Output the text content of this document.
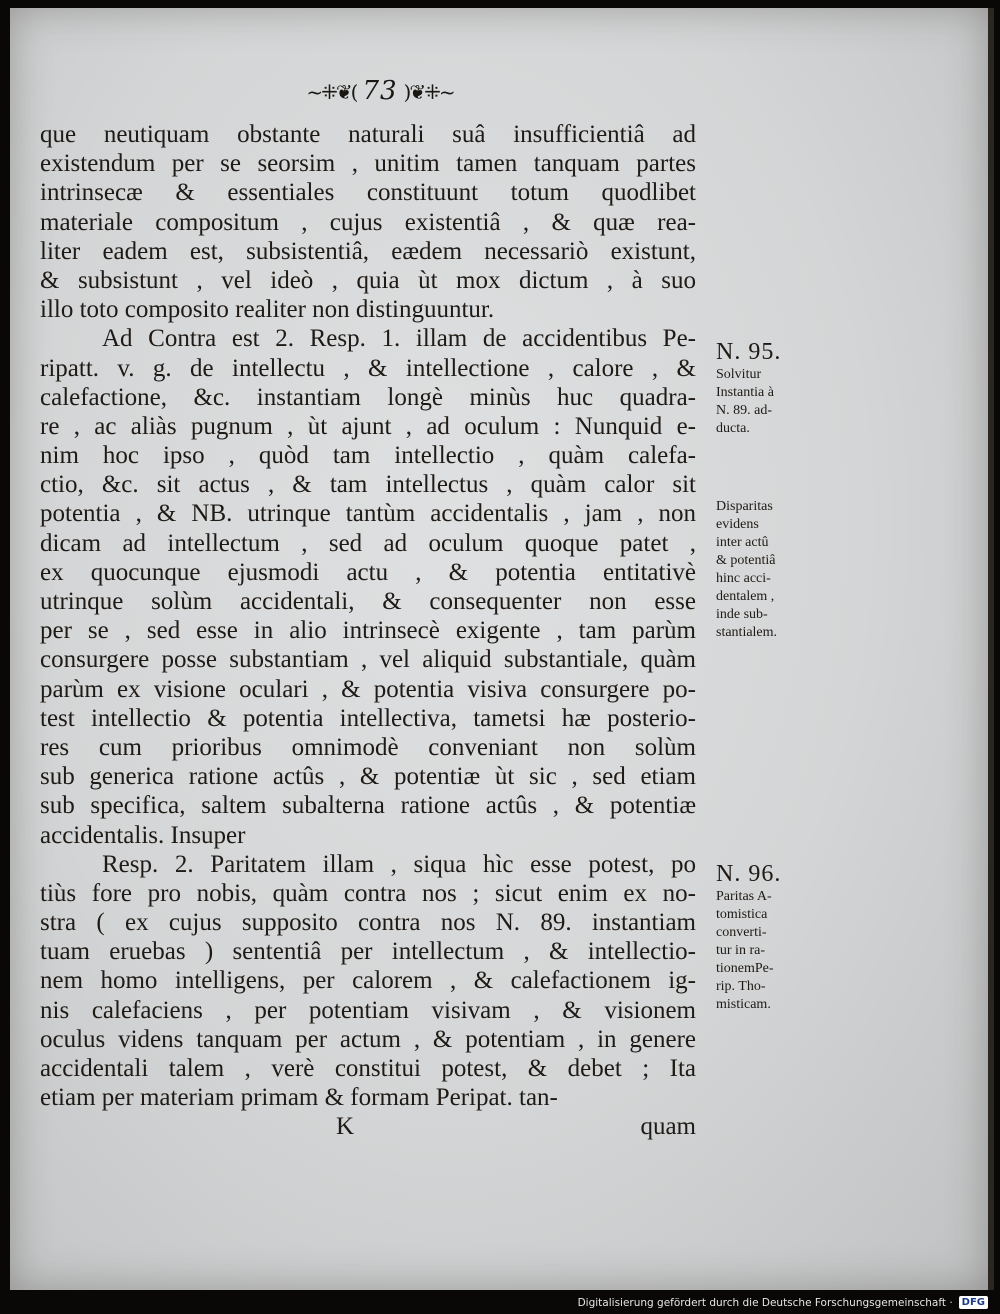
~⁜❦( 73 )❦⁜~
que neutiquam obstante naturali suâ insufficientiâ ad
existendum per se seorsim , unitim tamen tanquam partes
intrinsecæ & essentiales constituunt totum quodlibet
materiale compositum , cujus existentiâ , & quæ rea-
liter eadem est, subsistentiâ, eædem necessariò existunt,
& subsistunt , vel ideò , quia ùt mox dictum , à suo
illo toto composito realiter non distinguuntur.
Ad Contra est 2. Resp. 1. illam de accidentibus Pe-
ripatt. v. g. de intellectu , & intellectione , calore , &
calefactione, &c. instantiam longè minùs huc quadra-
re , ac aliàs pugnum , ùt ajunt , ad oculum : Nunquid e-
nim hoc ipso , quòd tam intellectio , quàm calefa-
ctio, &c. sit actus , & tam intellectus , quàm calor sit
potentia , & NB. utrinque tantùm accidentalis , jam , non
dicam ad intellectum , sed ad oculum quoque patet ,
ex quocunque ejusmodi actu , & potentia entitativè
utrinque solùm accidentali, & consequenter non esse
per se , sed esse in alio intrinsecè exigente , tam parùm
consurgere posse substantiam , vel aliquid substantiale, quàm
parùm ex visione oculari , & potentia visiva consurgere po-
test intellectio & potentia intellectiva, tametsi hæ posterio-
res cum prioribus omnimodè conveniant non solùm
sub generica ratione actûs , & potentiæ ùt sic , sed etiam
sub specifica, saltem subalterna ratione actûs , & potentiæ
accidentalis. Insuper
Resp. 2. Paritatem illam , siqua hìc esse potest, po
tiùs fore pro nobis, quàm contra nos ; sicut enim ex no-
stra ( ex cujus supposito contra nos N. 89. instantiam
tuam eruebas ) sententiâ per intellectum , & intellectio-
nem homo intelligens, per calorem , & calefactionem ig-
nis calefaciens , per potentiam visivam , & visionem
oculus videns tanquam per actum , & potentiam , in genere
accidentali talem , verè constitui potest, & debet ; Ita
etiam per materiam primam & formam Peripat. tan-
K	quam
N. 95.
Solvitur
Instantia à
N. 89. ad-
ducta.
Disparitas
evidens
inter actû
& potentiâ
hinc acci-
dentalem ,
inde sub-
stantialem.
N. 96.
Paritas A-
tomistica
converti-
tur in ra-
tionemPe-
rip. Tho-
misticam.
Digitalisierung gefördert durch die Deutsche Forschungsgemeinschaft · DFG
